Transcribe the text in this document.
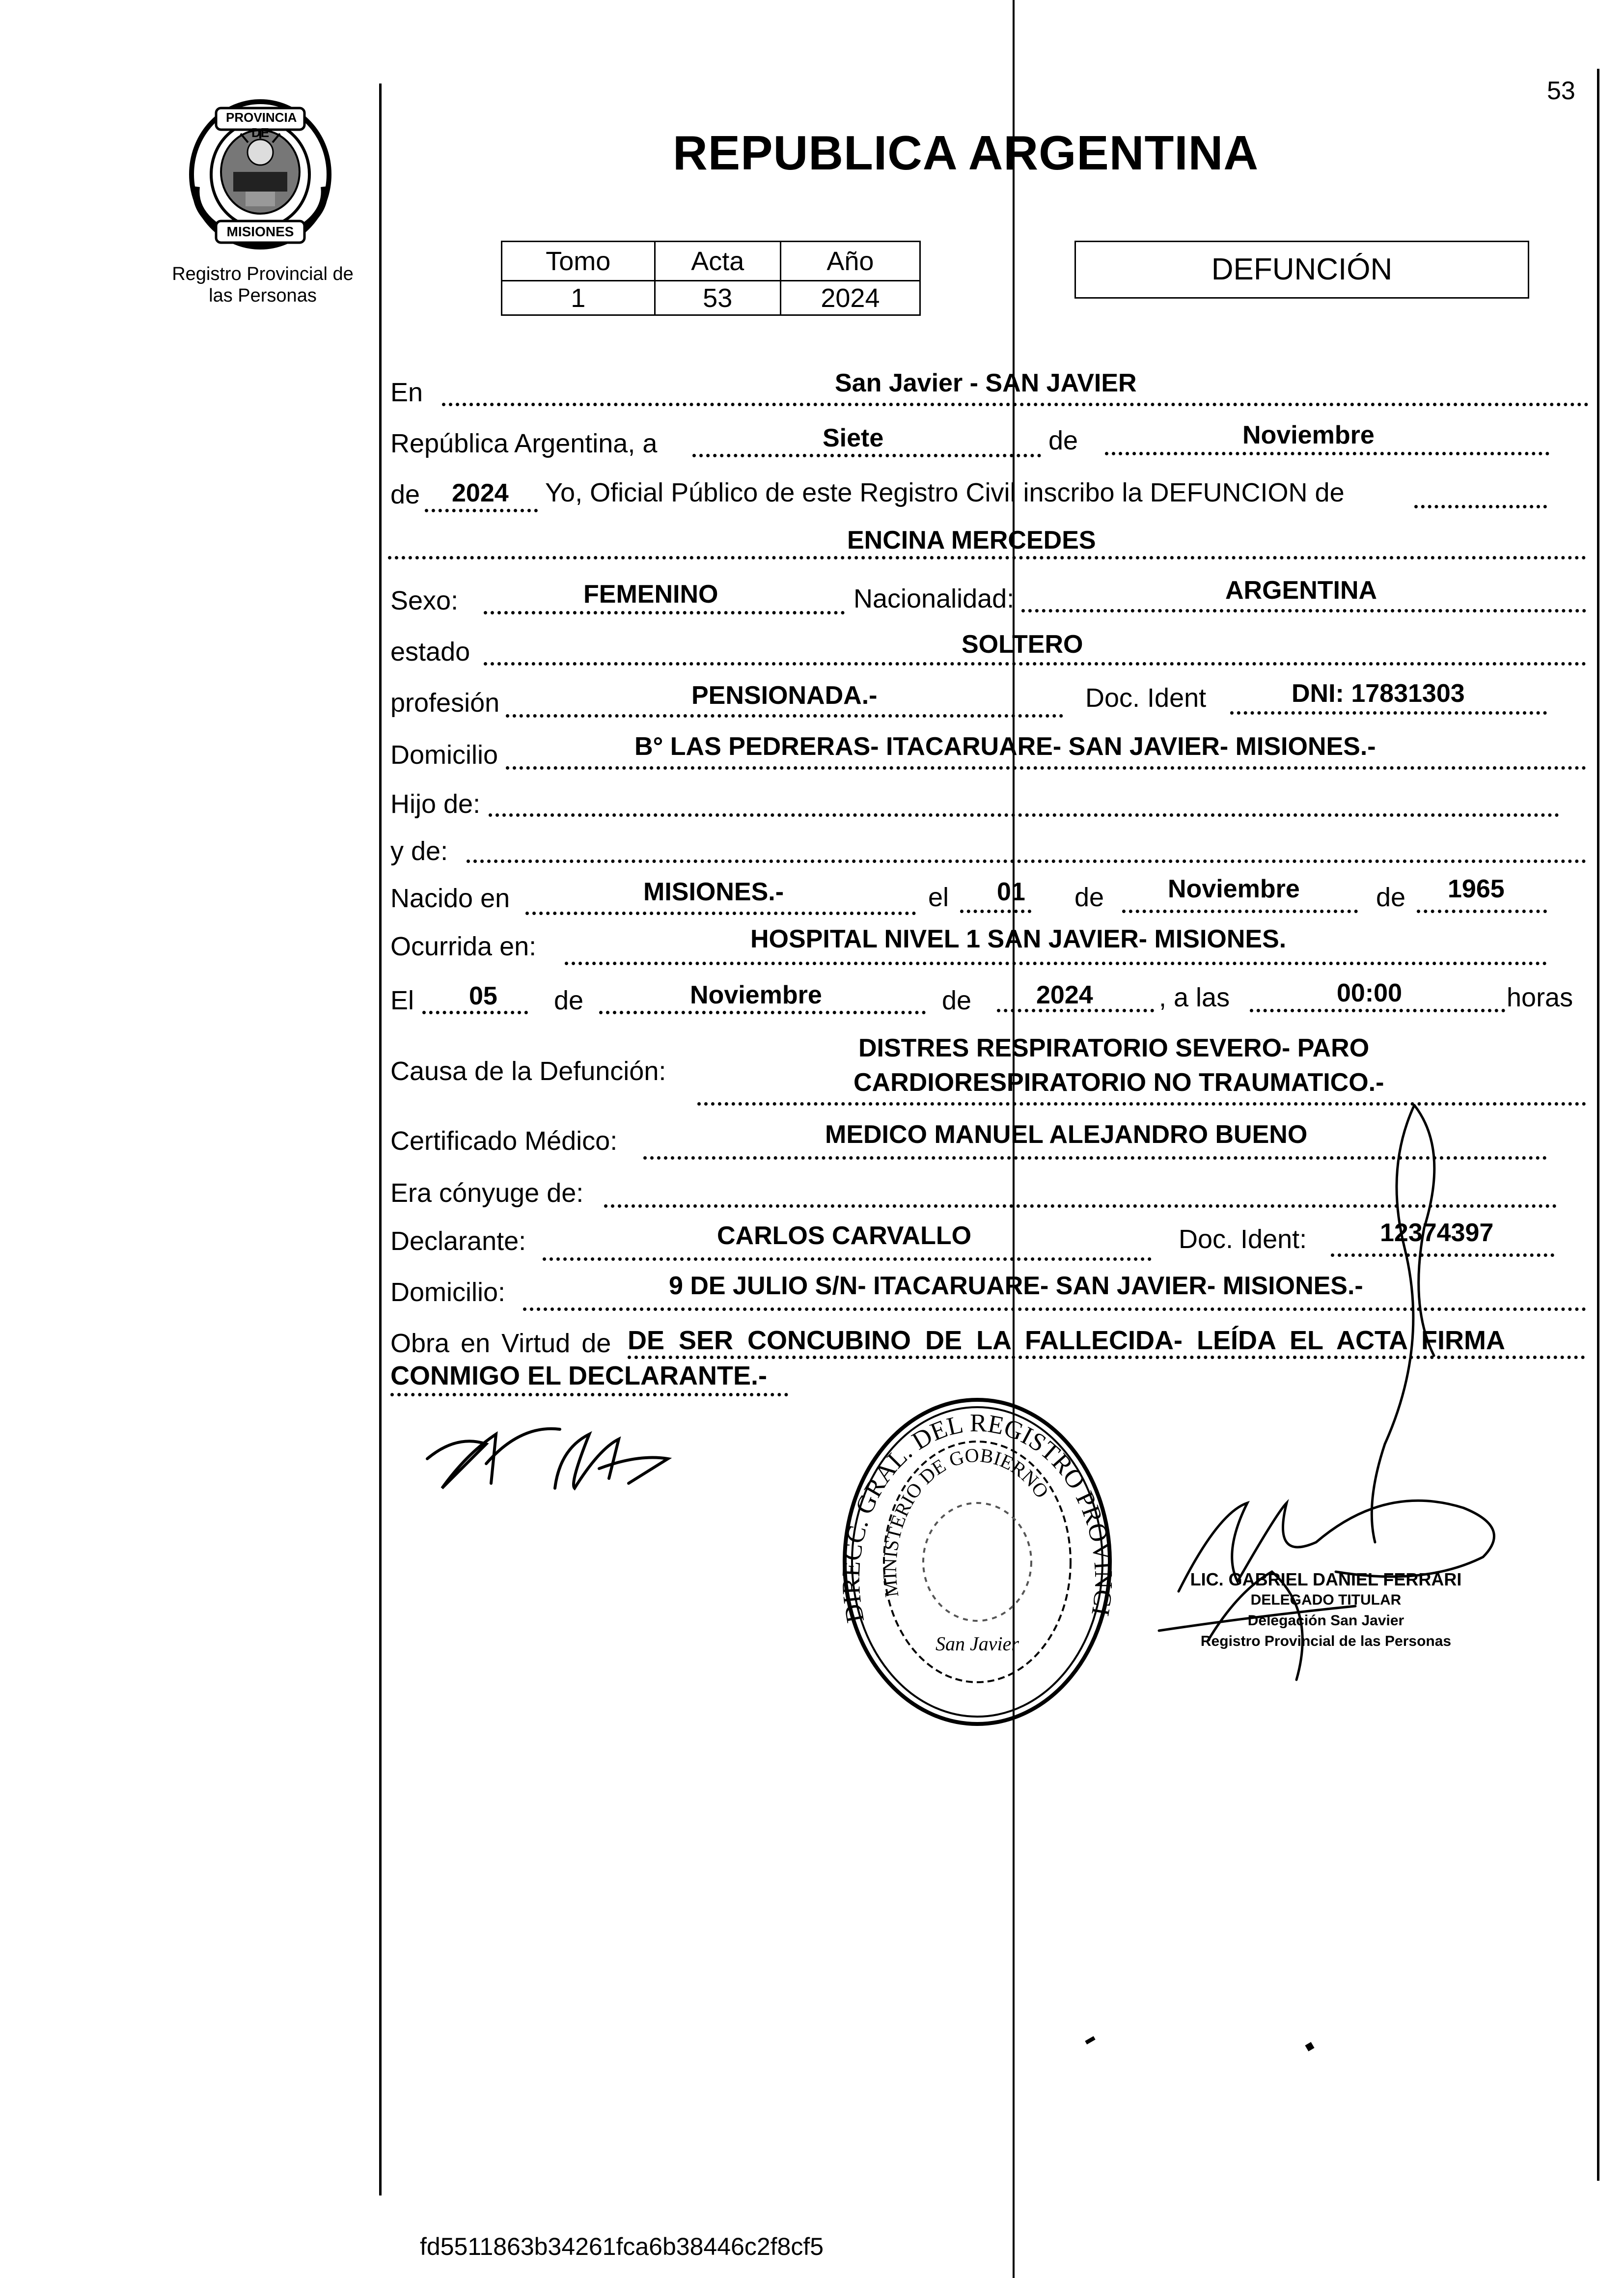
53
PROVINCIA DE
MISIONES
Registro Provincial de
las Personas
REPUBLICA ARGENTINA
Tomo	Acta	Año
1	53	2024
DEFUNCIÓN
En	San Javier - SAN JAVIER
República Argentina, a	Siete	de	Noviembre
de 2024 Yo, Oficial Público de este Registro Civil inscribo la DEFUNCION de
ENCINA MERCEDES
Sexo:	FEMENINO	Nacionalidad:	ARGENTINA
estado	SOLTERO
profesión	PENSIONADA.-	Doc. Ident	DNI: 17831303
Domicilio	B° LAS PEDRERAS- ITACARUARE- SAN JAVIER- MISIONES.-
Hijo de:
y de:
Nacido en	MISIONES.-	el 01 de Noviembre	de 1965
Ocurrida en:	HOSPITAL NIVEL 1 SAN JAVIER- MISIONES.
El 05 de	Noviembre	de	2024 , a las	00:00	horas
Causa de la Defunción:
DISTRES RESPIRATORIO SEVERO- PARO
CARDIORESPIRATORIO NO TRAUMATICO.-
Certificado Médico:	MEDICO MANUEL ALEJANDRO BUENO
Era cónyuge de:
Declarante:	CARLOS CARVALLO	Doc. Ident:	12374397
Domicilio:	9 DE JULIO S/N- ITACARUARE- SAN JAVIER- MISIONES.-
Obra en Virtud de DE SER CONCUBINO DE LA FALLECIDA- LEÍDA EL ACTA FIRMA
CONMIGO EL DECLARANTE.-
DIRECC. GRAL. DEL REGISTRO PROVINCI
MINISTERIO DE GOBIERNO
San Javier
LIC. GABRIEL DANIEL FERRARI
DELEGADO TITULAR
Delegación San Javier
Registro Provincial de las Personas
fd5511863b34261fca6b38446c2f8cf5
